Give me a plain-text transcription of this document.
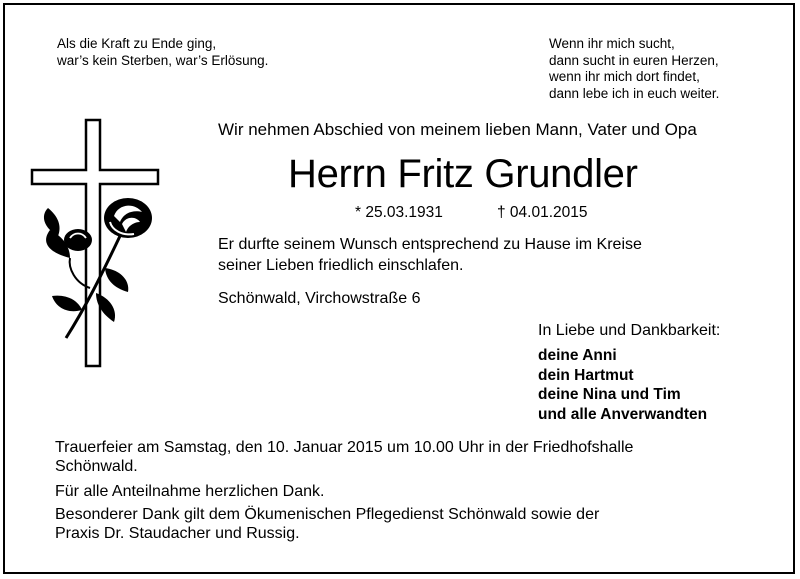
Als die Kraft zu Ende ging,
war’s kein Sterben, war’s Erlösung.
Wenn ihr mich sucht,
dann sucht in euren Herzen,
wenn ihr mich dort findet,
dann lebe ich in euch weiter.
Wir nehmen Abschied von meinem lieben Mann, Vater und Opa
Herrn Fritz Grundler
* 25.03.1931	† 04.01.2015
Er durfte seinem Wunsch entsprechend zu Hause im Kreise
seiner Lieben friedlich einschlafen.
Schönwald, Virchowstraße 6
In Liebe und Dankbarkeit:
deine Anni
dein Hartmut
deine Nina und Tim
und alle Anverwandten
Trauerfeier am Samstag, den 10. Januar 2015 um 10.00 Uhr in der Friedhofshalle
Schönwald.
Für alle Anteilnahme herzlichen Dank.
Besonderer Dank gilt dem Ökumenischen Pflegedienst Schönwald sowie der
Praxis Dr. Staudacher und Russig.
